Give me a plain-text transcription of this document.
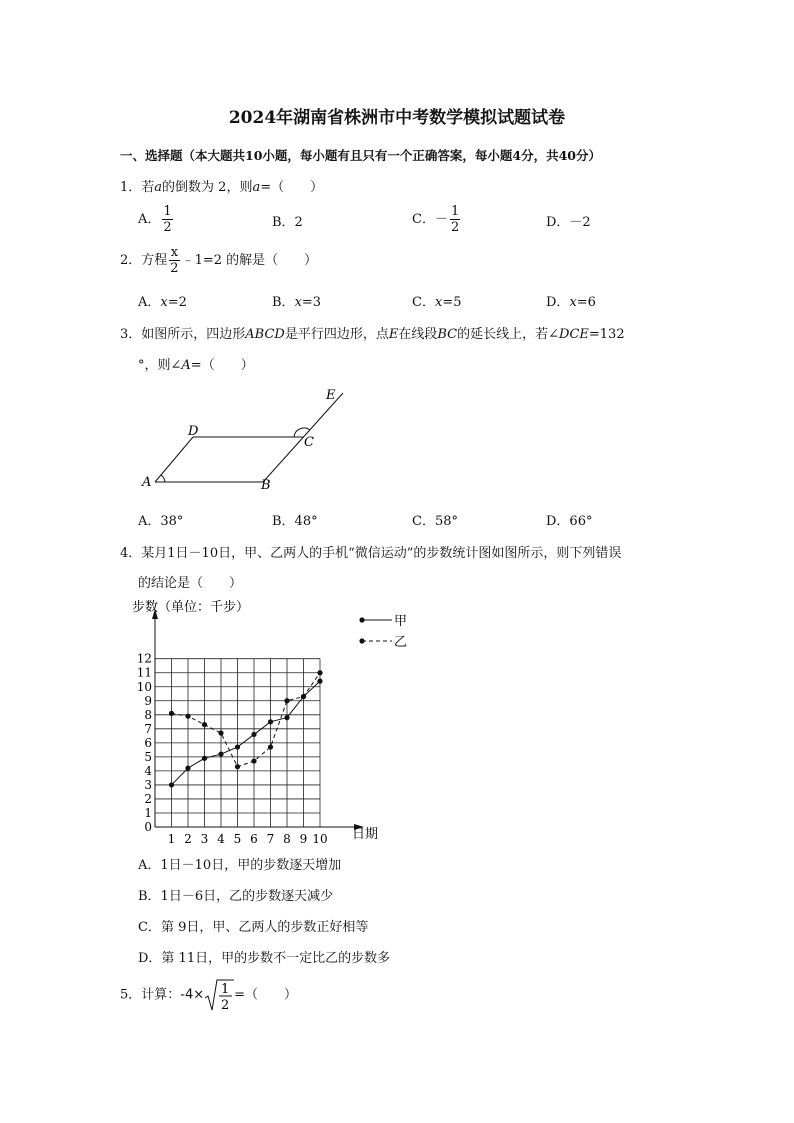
2024年湖南省株洲市中考数学模拟试题试卷
一、选择题（本大题共10小题，每小题有且只有一个正确答案，每小题4分，共40分）
1．若a的倒数为 2，则a=（　　）
A． $\frac{1}{2}$	B．2	C．－ $\frac{1}{2}$	D．－2
2．方程 $\frac{x}{2}$ ﹣1=2 的解是（　　）
A．x=2	B．x=3	C．x=5	D．x=6
3．如图所示，四边形ABCD是平行四边形，点E在线段BC的延长线上，若∠DCE=132
°，则∠A=（　　）
A	B
C
D
E
A．38°	B．48°	C．58°	D．66°
4．某月1日－10日，甲、乙两人的手机“微信运动”的步数统计图如图所示，则下列错误
的结论是（　　）
0
1
2
3
4
5
6
7
8
9
10
11
12
1 2 3 4 5 6 7 8 9 10
步数（单位：千步）
日期
甲
乙
A．1日－10日，甲的步数逐天增加
B．1日－6日，乙的步数逐天减少
C．第 9日，甲、乙两人的步数正好相等
D．第 11日，甲的步数不一定比乙的步数多
5．计算：-4× 1
2
=（　　）
